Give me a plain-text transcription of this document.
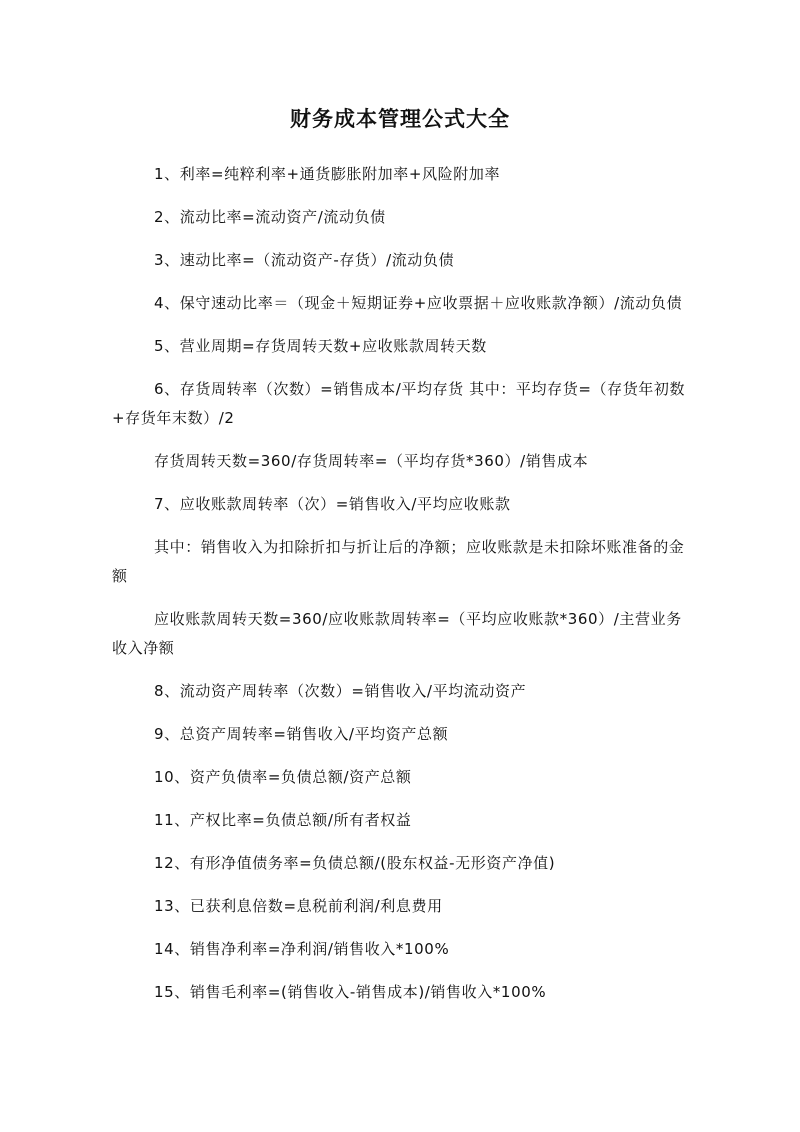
财务成本管理公式大全

1、利率=纯粹利率+通货膨胀附加率+风险附加率

2、流动比率=流动资产/流动负债

3、速动比率=（流动资产-存货）/流动负债

4、保守速动比率＝（现金＋短期证券+应收票据＋应收账款净额）/流动负债

5、营业周期=存货周转天数+应收账款周转天数

6、存货周转率（次数）=销售成本/平均存货 其中：平均存货=（存货年初数+存货年末数）/2

存货周转天数=360/存货周转率=（平均存货*360）/销售成本

7、应收账款周转率（次）=销售收入/平均应收账款

其中：销售收入为扣除折扣与折让后的净额；应收账款是未扣除坏账准备的金额

应收账款周转天数=360/应收账款周转率=（平均应收账款*360）/主营业务收入净额

8、流动资产周转率（次数）=销售收入/平均流动资产

9、总资产周转率=销售收入/平均资产总额

10、资产负债率=负债总额/资产总额

11、产权比率=负债总额/所有者权益

12、有形净值债务率=负债总额/(股东权益-无形资产净值)

13、已获利息倍数=息税前利润/利息费用

14、销售净利率=净利润/销售收入*100%

15、销售毛利率=(销售收入-销售成本)/销售收入*100%
